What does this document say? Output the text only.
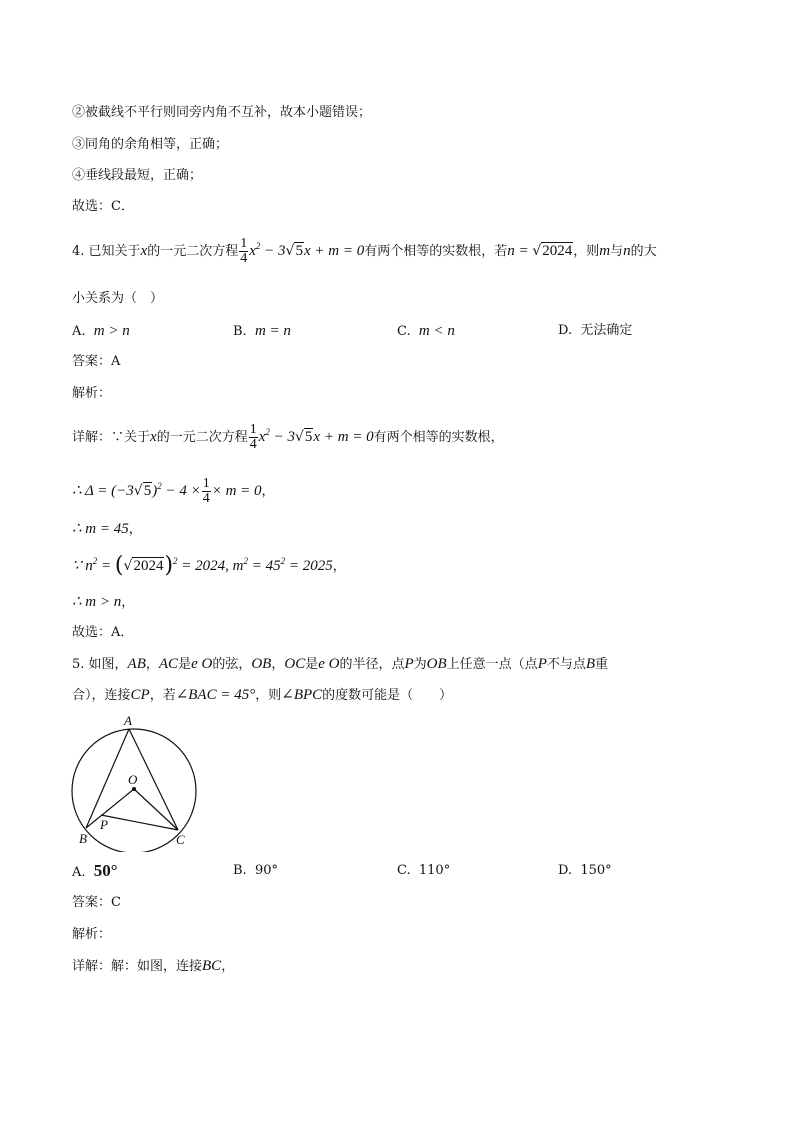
②被截线不平行则同旁内角不互补，故本小题错误；
③同角的余角相等，正确；
④垂线段最短，正确；
故选：C．
4. 已知关于x的一元二次方程 $\frac{1}{4} x^2 - 3√5x + m = 0$有两个相等的实数根，若n = √2024，则m与n的大
小关系为（　）
A. m > n	B. m = n	C. m < n	D. 无法确定
答案：A
解析：
详解：∵关于x的一元二次方程 $\frac{1}{4} x^2 - 3√5x + m = 0$有两个相等的实数根，
∴ $\Delta = (-3√5)^2 - 4 \times \frac{1}{4} \times m = 0$，
∴ m = 45，
∵ $n^2 = (√2024)^2 = 2024$, $m^2 = 45^2 = 2025$，
∴ m > n，
故选：A．
5. 如图，AB，AC是e O的弦，OB，OC是e O的半径，点P为OB上任意一点（点P不与点B重
合），连接CP，若∠BAC = 45°，则∠BPC的度数可能是（　　）
A
O
P
B	C
A. 50°	B. 90°	C. 110°	D. 150°
答案：C
解析：
详解：解：如图，连接BC，
